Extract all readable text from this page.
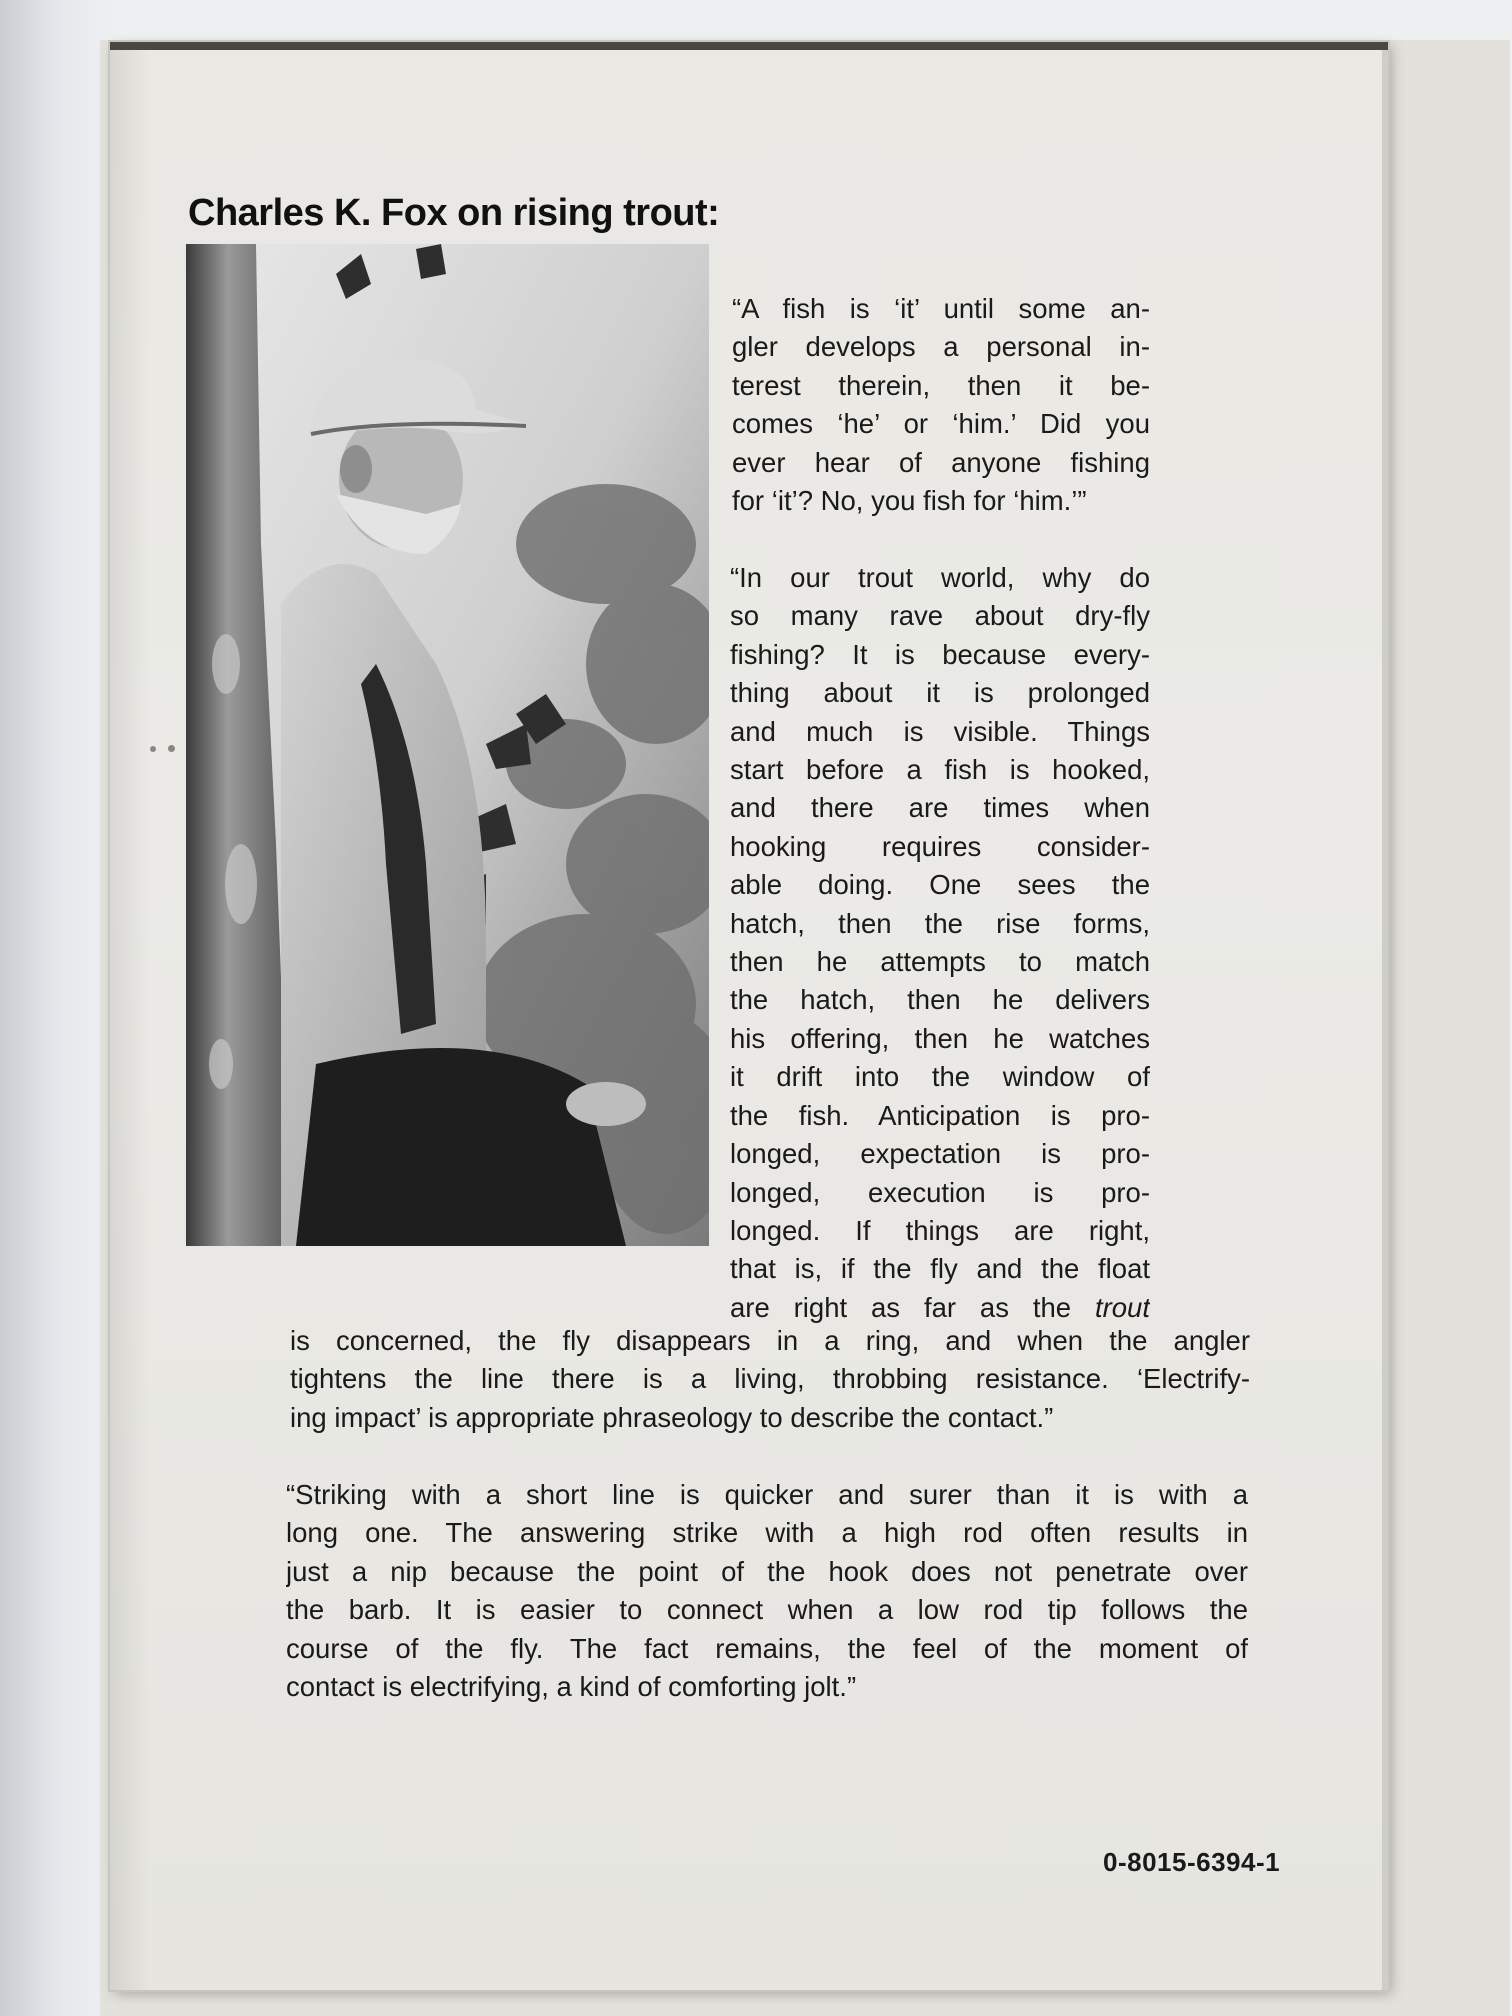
Charles K. Fox on rising trout:
“A fish is ‘it’ until some an-
gler develops a personal in-
terest therein, then it be-
comes ‘he’ or ‘him.’ Did you
ever hear of anyone fishing
for ‘it’? No, you fish for ‘him.’”
“In our trout world, why do
so many rave about dry-fly
fishing? It is because every-
thing about it is prolonged
and much is visible. Things
start before a fish is hooked,
and there are times when
hooking requires consider-
able doing. One sees the
hatch, then the rise forms,
then he attempts to match
the hatch, then he delivers
his offering, then he watches
it drift into the window of
the fish. Anticipation is pro-
longed, expectation is pro-
longed, execution is pro-
longed. If things are right,
that is, if the fly and the float
are right as far as the trout
is concerned, the fly disappears in a ring, and when the angler
tightens the line there is a living, throbbing resistance. ‘Electrify-
ing impact’ is appropriate phraseology to describe the contact.”
“Striking with a short line is quicker and surer than it is with a
long one. The answering strike with a high rod often results in
just a nip because the point of the hook does not penetrate over
the barb. It is easier to connect when a low rod tip follows the
course of the fly. The fact remains, the feel of the moment of
contact is electrifying, a kind of comforting jolt.”
0-8015-6394-1
